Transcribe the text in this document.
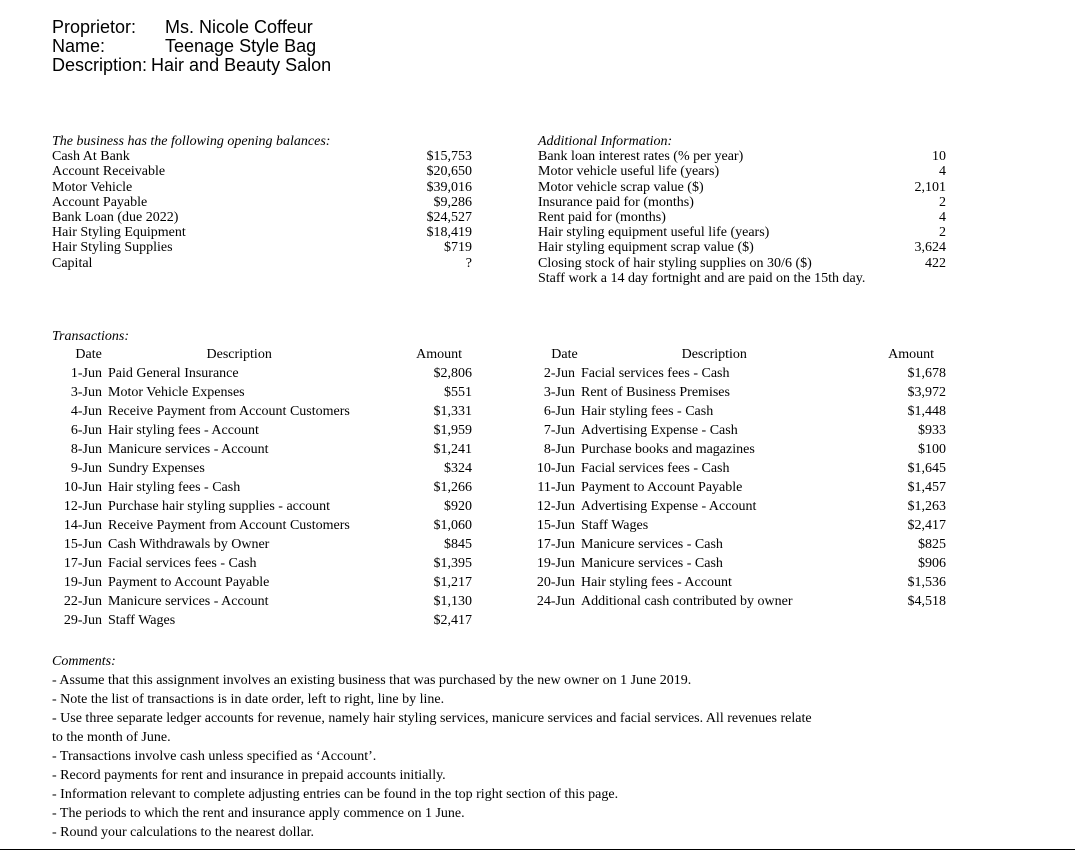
Proprietor:	Ms. Nicole Coffeur
Name:	Teenage Style Bag
Description: Hair and Beauty Salon
The business has the following opening balances:
Cash At Bank	$15,753
Account Receivable	$20,650
Motor Vehicle	$39,016
Account Payable	$9,286
Bank Loan (due 2022)	$24,527
Hair Styling Equipment	$18,419
Hair Styling Supplies	$719
Capital	?
Additional Information:
Bank loan interest rates (% per year)	10
Motor vehicle useful life (years)	4
Motor vehicle scrap value ($)	2,101
Insurance paid for (months)	2
Rent paid for (months)	4
Hair styling equipment useful life (years)	2
Hair styling equipment scrap value ($)	3,624
Closing stock of hair styling supplies on 30/6 ($)	422
Staff work a 14 day fortnight and are paid on the 15th day.
Transactions:
Date	Description	Amount
1-Jun Paid General Insurance	$2,806
3-Jun Motor Vehicle Expenses	$551
4-Jun Receive Payment from Account Customers	$1,331
6-Jun Hair styling fees - Account	$1,959
8-Jun Manicure services - Account	$1,241
9-Jun Sundry Expenses	$324
10-Jun Hair styling fees - Cash	$1,266
12-Jun Purchase hair styling supplies - account	$920
14-Jun Receive Payment from Account Customers	$1,060
15-Jun Cash Withdrawals by Owner	$845
17-Jun Facial services fees - Cash	$1,395
19-Jun Payment to Account Payable	$1,217
22-Jun Manicure services - Account	$1,130
29-Jun Staff Wages	$2,417
Date	Description	Amount
2-Jun Facial services fees - Cash	$1,678
3-Jun Rent of Business Premises	$3,972
6-Jun Hair styling fees - Cash	$1,448
7-Jun Advertising Expense - Cash	$933
8-Jun Purchase books and magazines	$100
10-Jun Facial services fees - Cash	$1,645
11-Jun Payment to Account Payable	$1,457
12-Jun Advertising Expense - Account	$1,263
15-Jun Staff Wages	$2,417
17-Jun Manicure services - Cash	$825
19-Jun Manicure services - Cash	$906
20-Jun Hair styling fees - Account	$1,536
24-Jun Additional cash contributed by owner	$4,518
Comments:
- Assume that this assignment involves an existing business that was purchased by the new owner on 1 June 2019.
- Note the list of transactions is in date order, left to right, line by line.
- Use three separate ledger accounts for revenue, namely hair styling services, manicure services and facial services. All revenues relate
to the month of June.
- Transactions involve cash unless specified as ‘Account’.
- Record payments for rent and insurance in prepaid accounts initially.
- Information relevant to complete adjusting entries can be found in the top right section of this page.
- The periods to which the rent and insurance apply commence on 1 June.
- Round your calculations to the nearest dollar.
